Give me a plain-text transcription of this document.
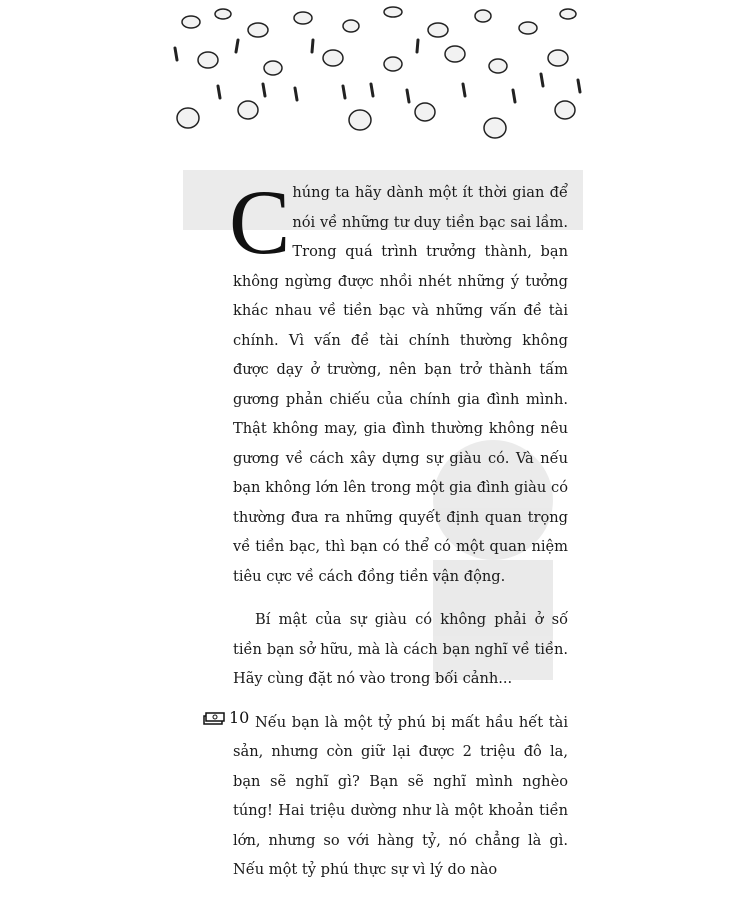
Chúng ta hãy dành một ít thời gian để nói về những tư duy tiền bạc sai lầm. Trong quá trình trưởng thành, bạn không ngừng được nhồi nhét những ý tưởng khác nhau về tiền bạc và những vấn đề tài chính. Vì vấn đề tài chính thường không được dạy ở trường, nên bạn trở thành tấm gương phản chiếu của chính gia đình mình. Thật không may, gia đình thường không nêu gương về cách xây dựng sự giàu có. Và nếu bạn không lớn lên trong một gia đình giàu có thường đưa ra những quyết định quan trọng về tiền bạc, thì bạn có thể có một quan niệm tiêu cực về cách đồng tiền vận động.

Bí mật của sự giàu có không phải ở số tiền bạn sở hữu, mà là cách bạn nghĩ về tiền. Hãy cùng đặt nó vào trong bối cảnh...

Nếu bạn là một tỷ phú bị mất hầu hết tài sản, nhưng còn giữ lại được 2 triệu đô la, bạn sẽ nghĩ gì? Bạn sẽ nghĩ mình nghèo túng! Hai triệu dường như là một khoản tiền lớn, nhưng so với hàng tỷ, nó chẳng là gì. Nếu một tỷ phú thực sự vì lý do nào

10
